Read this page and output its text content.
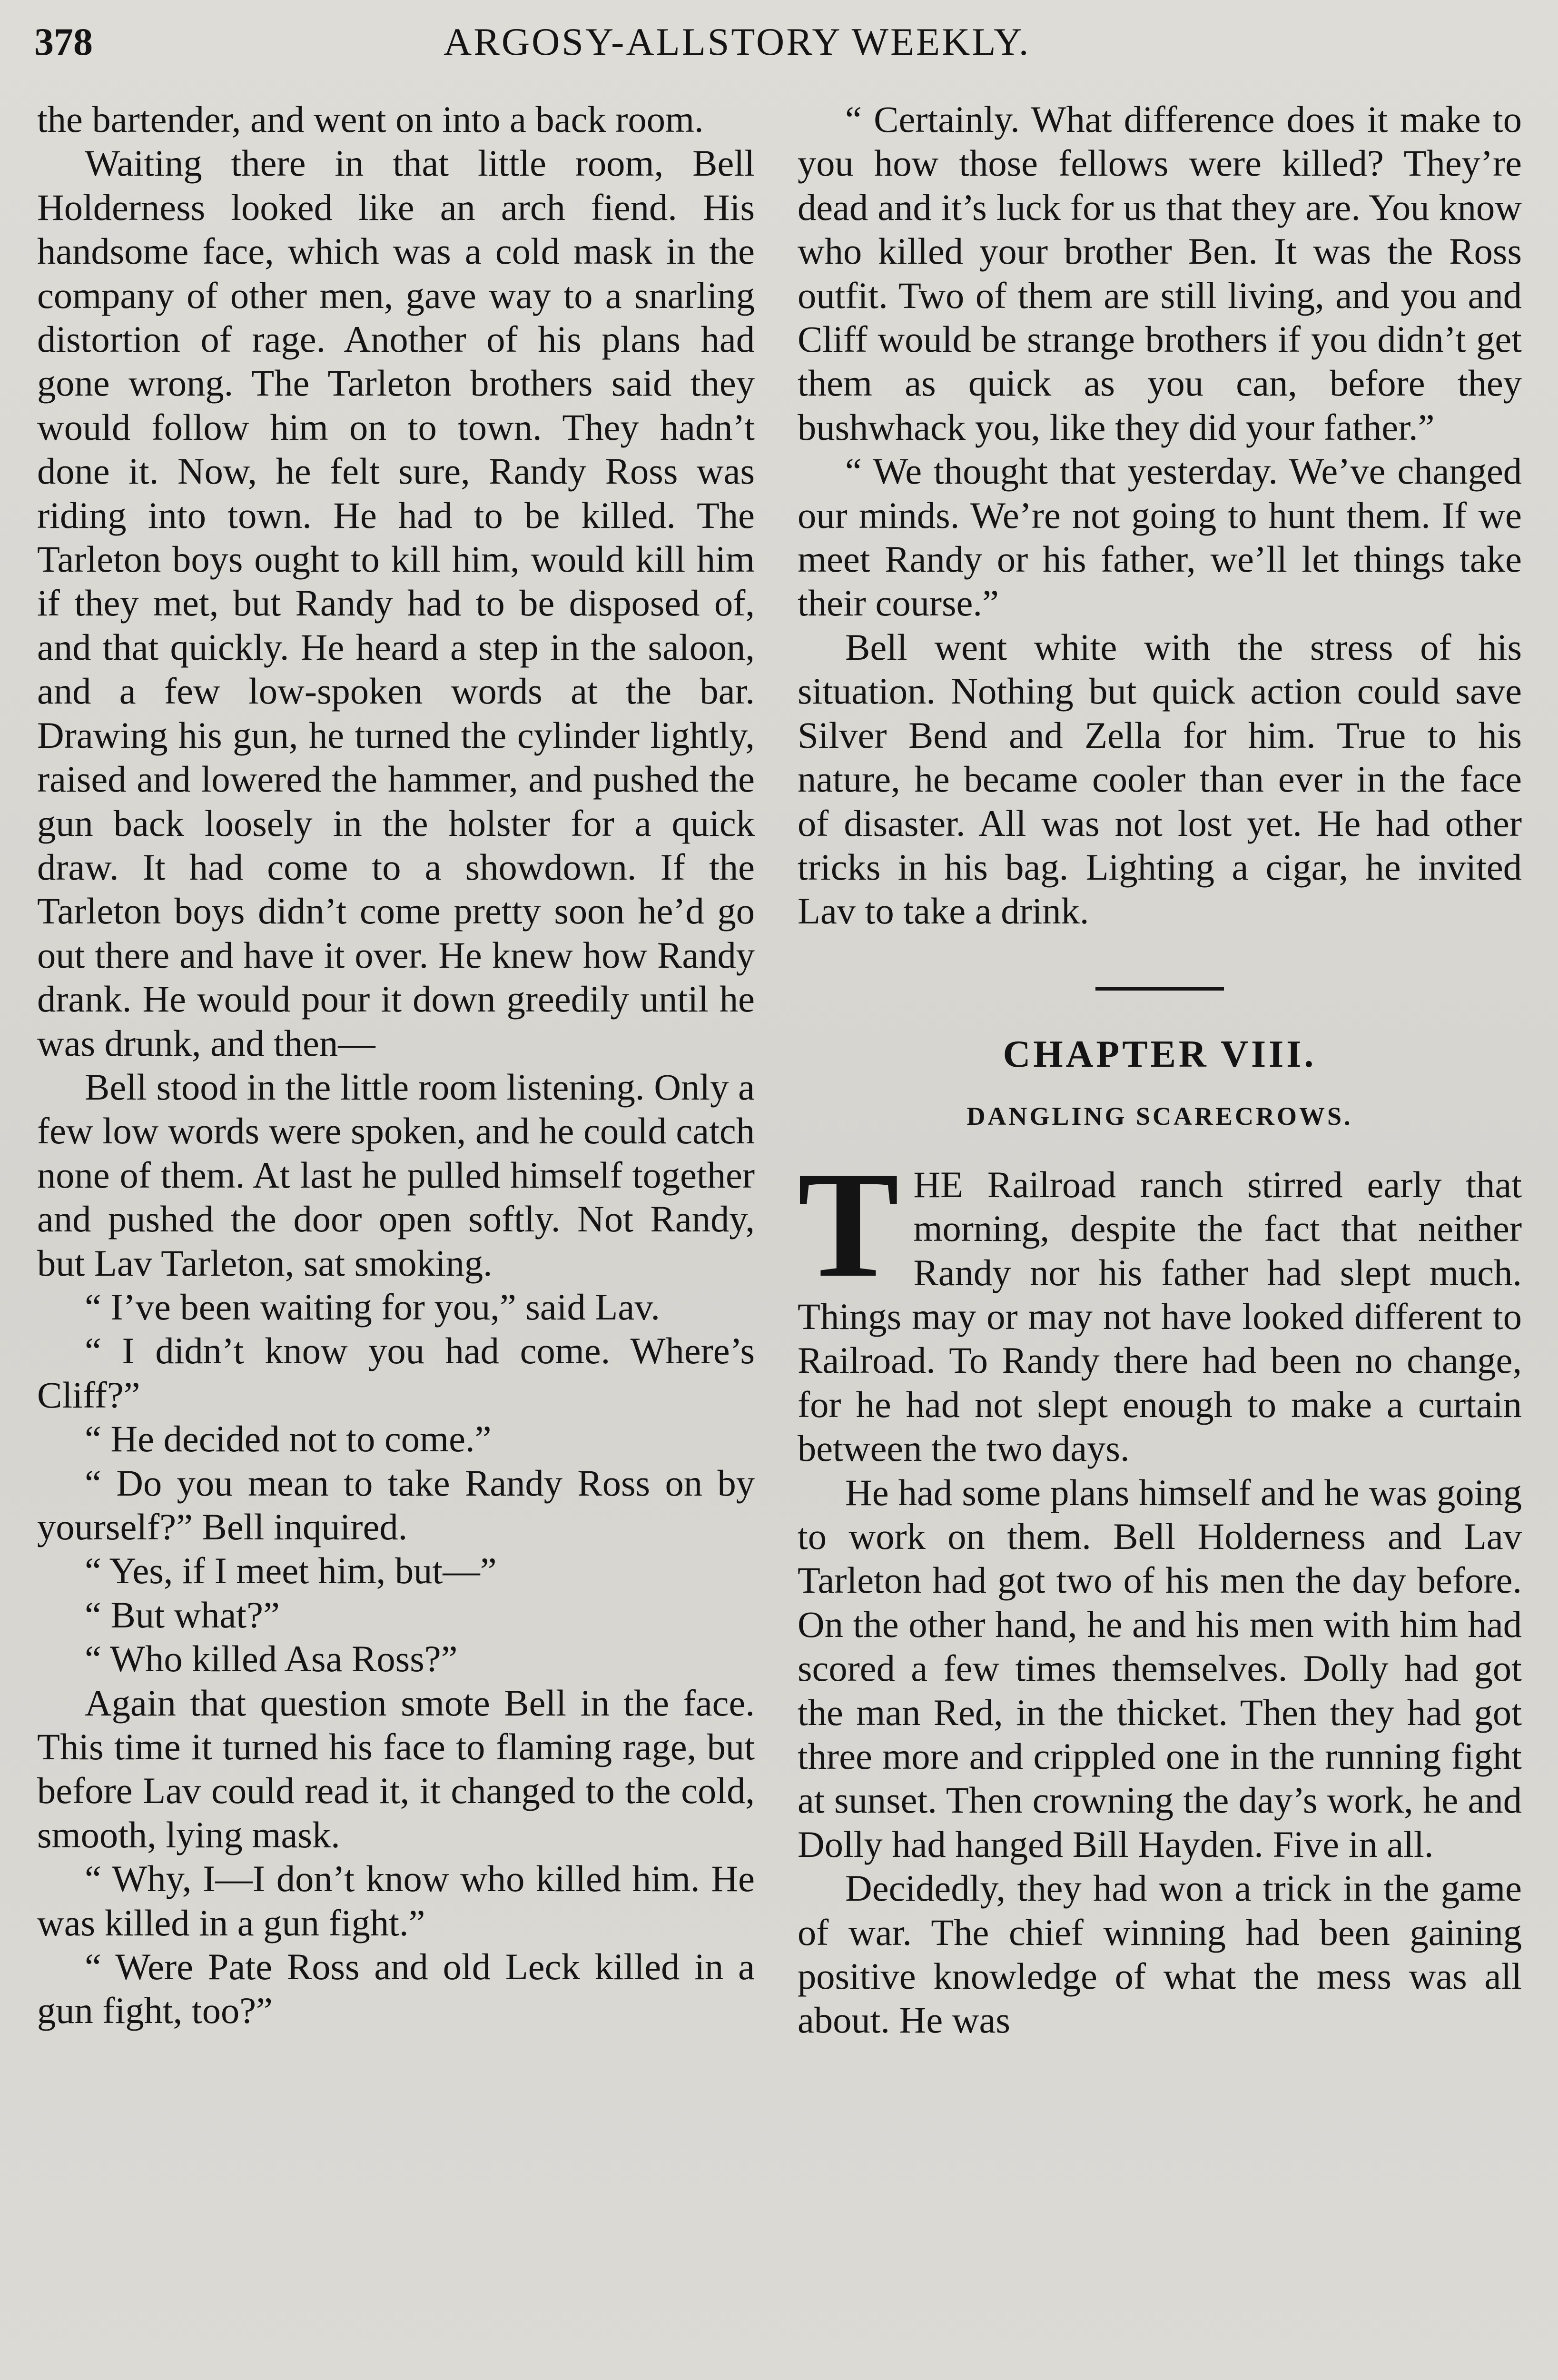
378	ARGOSY-ALLSTORY WEEKLY.

the bartender, and went on into a back room.

Waiting there in that little room, Bell Holderness looked like an arch fiend. His handsome face, which was a cold mask in the company of other men, gave way to a snarling distortion of rage. Another of his plans had gone wrong. The Tarleton brothers said they would follow him on to town. They hadn’t done it. Now, he felt sure, Randy Ross was riding into town. He had to be killed. The Tarleton boys ought to kill him, would kill him if they met, but Randy had to be disposed of, and that quickly. He heard a step in the saloon, and a few low-spoken words at the bar. Drawing his gun, he turned the cylinder lightly, raised and lowered the hammer, and pushed the gun back loosely in the holster for a quick draw. It had come to a showdown. If the Tarleton boys didn’t come pretty soon he’d go out there and have it over. He knew how Randy drank. He would pour it down greedily until he was drunk, and then—

Bell stood in the little room listening. Only a few low words were spoken, and he could catch none of them. At last he pulled himself together and pushed the door open softly. Not Randy, but Lav Tarleton, sat smoking.

“ I’ve been waiting for you,” said Lav.

“ I didn’t know you had come. Where’s Cliff?”

“ He decided not to come.”

“ Do you mean to take Randy Ross on by yourself?” Bell inquired.

“ Yes, if I meet him, but—”

“ But what?”

“ Who killed Asa Ross?”

Again that question smote Bell in the face. This time it turned his face to flaming rage, but before Lav could read it, it changed to the cold, smooth, lying mask.

“ Why, I—I don’t know who killed him. He was killed in a gun fight.”

“ Were Pate Ross and old Leck killed in a gun fight, too?”

“ Certainly. What difference does it make to you how those fellows were killed? They’re dead and it’s luck for us that they are. You know who killed your brother Ben. It was the Ross outfit. Two of them are still living, and you and Cliff would be strange brothers if you didn’t get them as quick as you can, before they bushwhack you, like they did your father.”

“ We thought that yesterday. We’ve changed our minds. We’re not going to hunt them. If we meet Randy or his father, we’ll let things take their course.”

Bell went white with the stress of his situation. Nothing but quick action could save Silver Bend and Zella for him. True to his nature, he became cooler than ever in the face of disaster. All was not lost yet. He had other tricks in his bag. Lighting a cigar, he invited Lav to take a drink.

CHAPTER VIII.
DANGLING SCARECROWS.

THE Railroad ranch stirred early that morning, despite the fact that neither Randy nor his father had slept much. Things may or may not have looked different to Railroad. To Randy there had been no change, for he had not slept enough to make a curtain between the two days.

He had some plans himself and he was going to work on them. Bell Holderness and Lav Tarleton had got two of his men the day before. On the other hand, he and his men with him had scored a few times themselves. Dolly had got the man Red, in the thicket. Then they had got three more and crippled one in the running fight at sunset. Then crowning the day’s work, he and Dolly had hanged Bill Hayden. Five in all.

Decidedly, they had won a trick in the game of war. The chief winning had been gaining positive knowledge of what the mess was all about. He was
